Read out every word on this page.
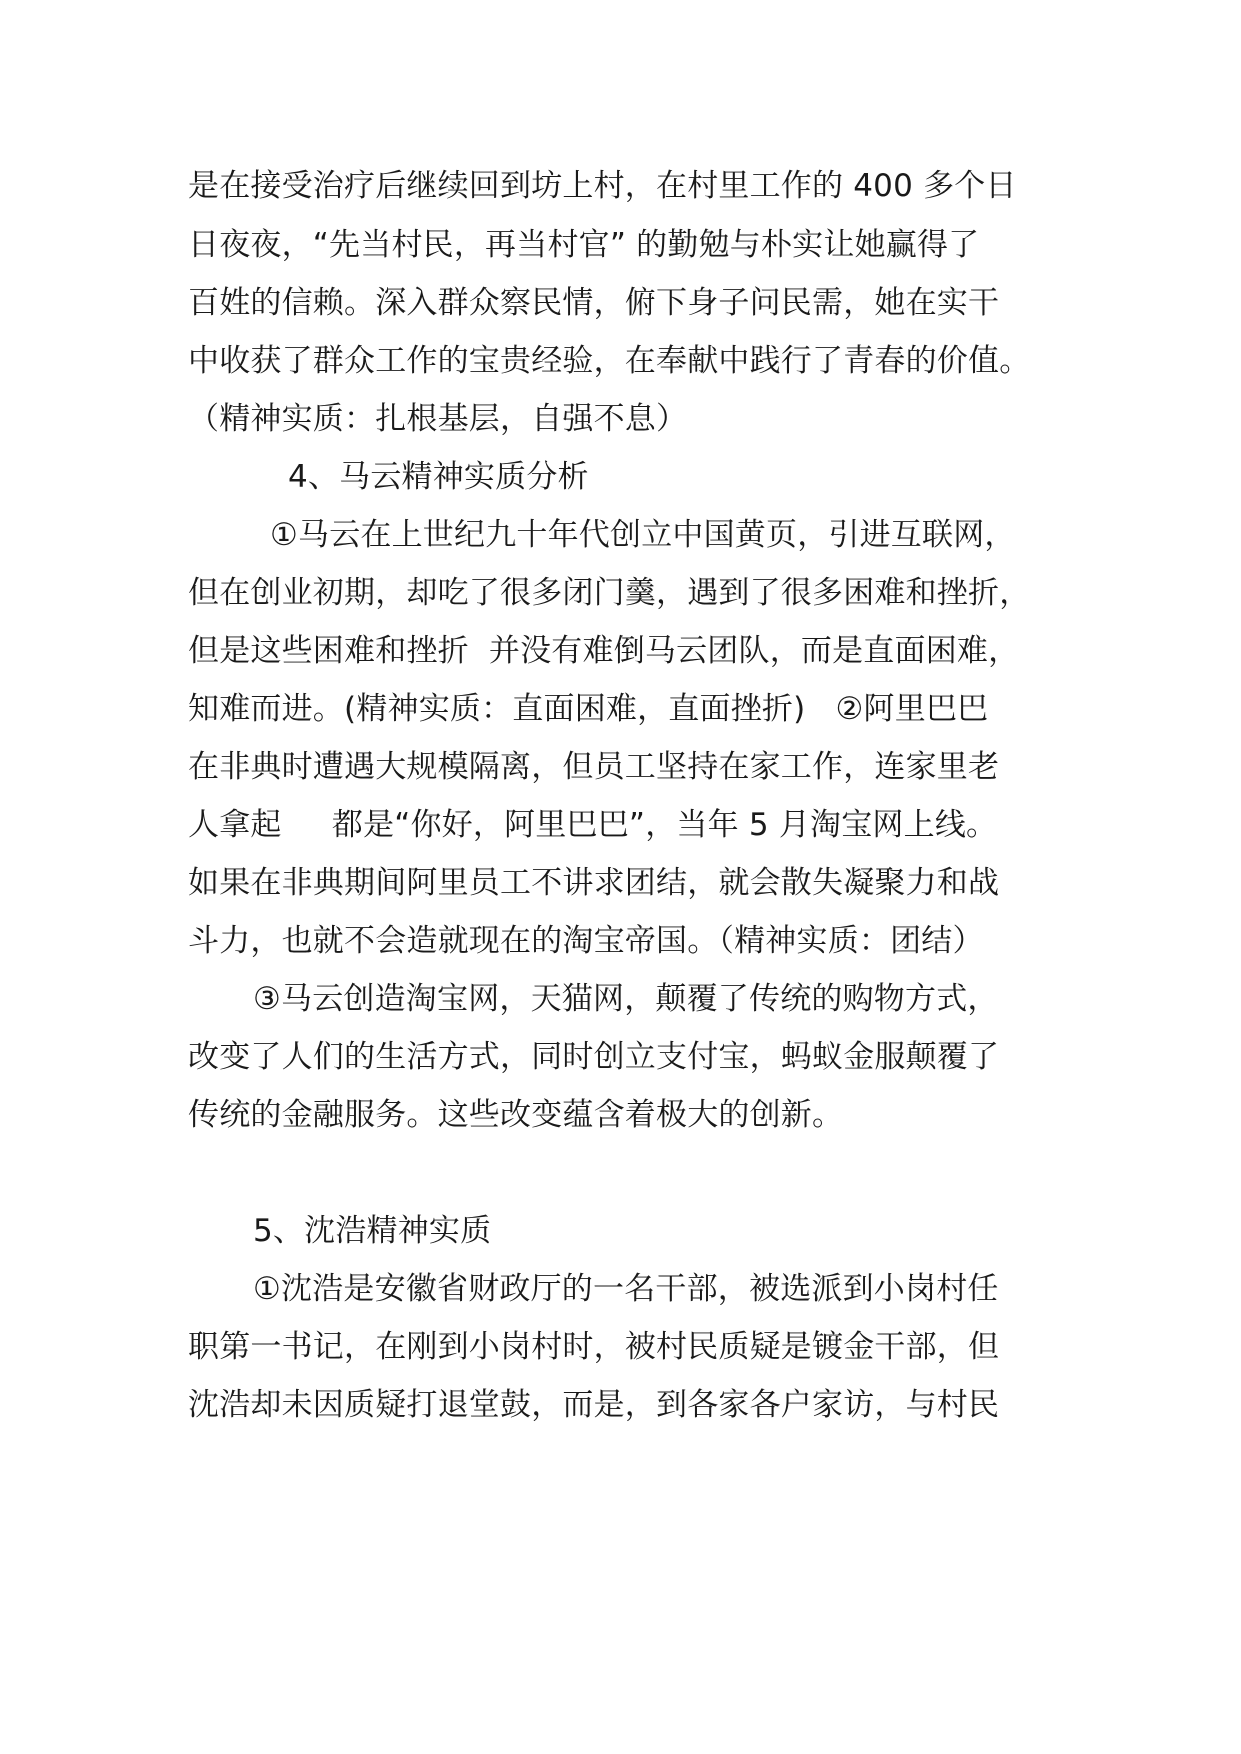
是在接受治疗后继续回到坊上村，在村里工作的 400 多个日
日夜夜，“先当村民，再当村官” 的勤勉与朴实让她赢得了
百姓的信赖。深入群众察民情，俯下身子问民需，她在实干
中收获了群众工作的宝贵经验，在奉献中践行了青春的价值。
（精神实质：扎根基层，自强不息）
4、马云精神实质分析
①马云在上世纪九十年代创立中国黄页，引进互联网，
但在创业初期，却吃了很多闭门羹，遇到了很多困难和挫折，
但是这些困难和挫折  并没有难倒马云团队，而是直面困难，
知难而进。(精神实质：直面困难，直面挫折)   ②阿里巴巴
在非典时遭遇大规模隔离，但员工坚持在家工作，连家里老
人拿起     都是“你好，阿里巴巴”，当年 5 月淘宝网上线。
如果在非典期间阿里员工不讲求团结，就会散失凝聚力和战
斗力，也就不会造就现在的淘宝帝国。（精神实质：团结）
③马云创造淘宝网，天猫网，颠覆了传统的购物方式，
改变了人们的生活方式，同时创立支付宝，蚂蚁金服颠覆了
传统的金融服务。这些改变蕴含着极大的创新。
5、沈浩精神实质
①沈浩是安徽省财政厅的一名干部，被选派到小岗村任
职第一书记，在刚到小岗村时，被村民质疑是镀金干部，但
沈浩却未因质疑打退堂鼓，而是，到各家各户家访，与村民
